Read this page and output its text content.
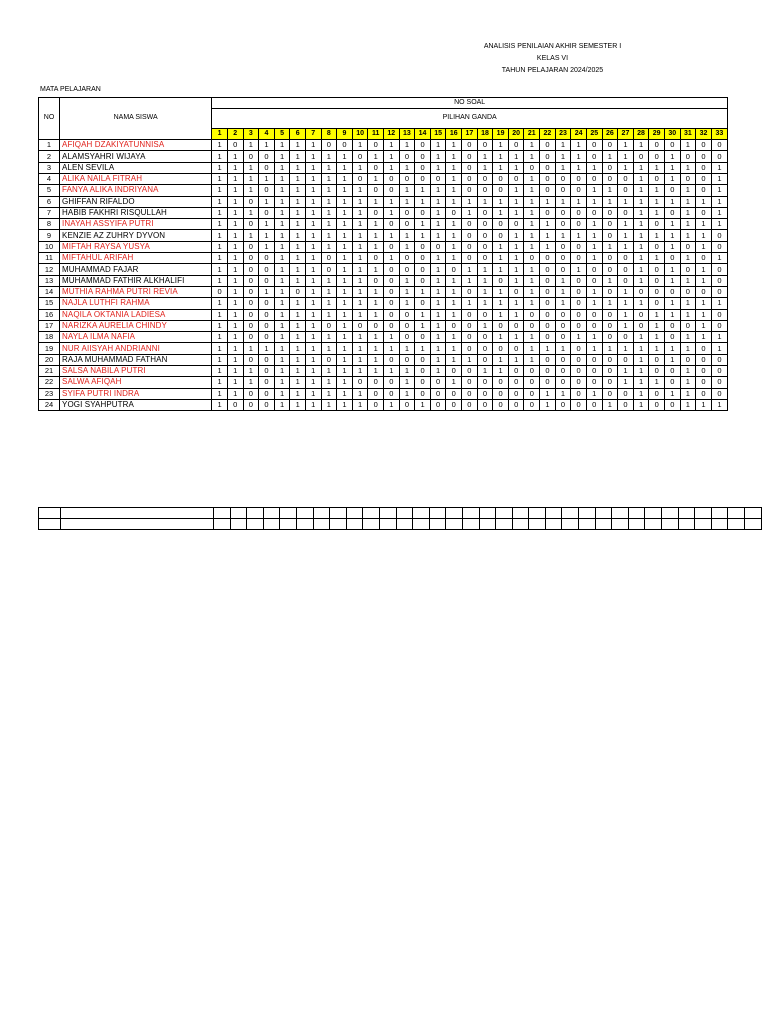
ANALISIS PENILAIAN AKHIR SEMESTER I
KELAS VI
TAHUN PELAJARAN 2024/2025
MATA PELAJARAN
		NO SOAL																																
NO	NAMA SISWA	PILIHAN GANDA																																
		1	2	3	4	5	6	7	8	9	10	11	12	13	14	15	16	17	18	19	20	21	22	23	24	25	26	27	28	29	30	31	32	33
1	AFIQAH DZAKIYATUNNISA	1	0	1	1	1	1	1	0	0	1	0	1	1	0	1	1	0	0	1	0	1	0	1	1	0	0	1	1	0	0	1	0	0
2	ALAMSYAHRI WIJAYA	1	1	0	0	1	1	1	1	1	0	1	1	0	0	1	1	0	1	1	1	1	0	1	1	0	1	1	0	0	1	0	0	0
3	ALEN SEVILA	1	1	1	0	1	1	1	1	1	1	0	1	1	0	1	1	0	1	1	1	0	0	1	1	1	0	1	1	1	1	1	0	1
4	ALIKA NAILA FITRAH	1	1	1	1	1	1	1	1	1	0	1	0	0	0	0	1	0	0	0	0	1	0	0	0	0	0	0	1	0	1	0	0	1
5	FANYA ALIKA INDRIYANA	1	1	1	0	1	1	1	1	1	1	0	0	1	1	1	1	0	0	0	1	1	0	0	0	1	1	0	1	1	0	1	0	1
6	GHIFFAN RIFALDO	1	1	0	1	1	1	1	1	1	1	1	1	1	1	1	1	1	1	1	1	1	1	1	1	1	1	1	1	1	1	1	1	1
7	HABIB FAKHRI RISQULLAH	1	1	1	0	1	1	1	1	1	1	0	1	0	0	1	0	1	0	1	1	1	0	0	0	0	0	0	1	1	0	1	0	1
8	INAYAH ASSYIFA PUTRI	1	1	0	1	1	1	1	1	1	1	1	0	0	1	1	1	0	0	0	0	1	1	0	0	1	0	1	1	0	1	1	1	1
9	KENZIE AZ ZUHRY DYVON	1	1	1	1	1	1	1	1	1	1	1	1	1	1	1	1	0	0	0	1	1	1	1	1	1	0	1	1	1	1	1	1	0
10	MIFTAH RAYSA YUSYA	1	1	0	1	1	1	1	1	1	1	1	0	1	0	0	1	0	0	1	1	1	1	0	0	1	1	1	1	0	1	0	1	0
11	MIFTAHUL ARIFAH	1	1	0	0	1	1	1	0	1	1	0	1	0	0	1	1	0	0	1	1	0	0	0	0	1	0	0	1	1	0	1	0	1
12	MUHAMMAD FAJAR	1	1	0	0	1	1	1	0	1	1	1	0	0	0	1	0	1	1	1	1	1	0	0	1	0	0	0	1	0	1	0	1	0
13	MUHAMMAD FATHIR ALKHALIFI	1	1	0	0	1	1	1	1	1	1	0	0	1	0	1	1	1	1	0	1	1	0	1	0	0	1	0	1	0	1	1	1	0
14	MUTHIA RAHMA PUTRI REVIA	0	1	0	1	1	0	1	1	1	1	1	0	1	1	1	1	0	1	1	0	1	0	1	0	1	0	1	0	0	0	0	0	0
15	NAJLA LUTHFI RAHMA	1	1	0	0	1	1	1	1	1	1	1	0	1	0	1	1	1	1	1	1	1	0	1	0	1	1	1	1	0	1	1	1	1
16	NAQILA OKTANIA LADIESA	1	1	0	0	1	1	1	1	1	1	1	0	0	1	1	1	0	0	1	1	0	0	0	0	0	0	1	0	1	1	1	1	0
17	NARIZKA AURELIA CHINDY	1	1	0	0	1	1	1	0	1	0	0	0	0	1	1	0	0	1	0	0	0	0	0	0	0	0	1	0	1	0	0	1	0
18	NAYLA ILMA NAFIA	1	1	0	0	1	1	1	1	1	1	1	1	0	0	1	1	0	0	1	1	1	0	0	1	1	0	0	1	1	0	1	1	1
19	NUR AIISYAH ANDRIANNI	1	1	1	1	1	1	1	1	1	1	1	1	1	1	1	1	0	0	0	0	1	1	1	0	1	1	1	1	1	1	1	0	1
20	RAJA MUHAMMAD FATHAN	1	1	0	0	1	1	1	0	1	1	1	0	0	0	1	1	1	0	1	1	1	0	0	0	0	0	0	1	0	1	0	0	0
21	SALSA NABILA PUTRI	1	1	1	0	1	1	1	1	1	1	1	1	1	0	1	0	0	1	1	0	0	0	0	0	0	0	1	1	0	0	1	0	0
22	SALWA AFIQAH	1	1	1	0	1	1	1	1	1	0	0	0	1	0	0	1	0	0	0	0	0	0	0	0	0	0	1	1	1	0	1	0	0
23	SYIFA PUTRI INDRA	1	1	0	0	1	1	1	1	1	1	0	0	1	0	0	0	0	0	0	0	0	1	1	0	1	0	0	1	0	1	1	0	0
24	YOGI SYAHPUTRA	1	0	0	0	1	1	1	1	1	1	0	1	0	1	0	0	0	0	0	0	0	1	0	0	0	1	0	1	0	0	1	1	1
